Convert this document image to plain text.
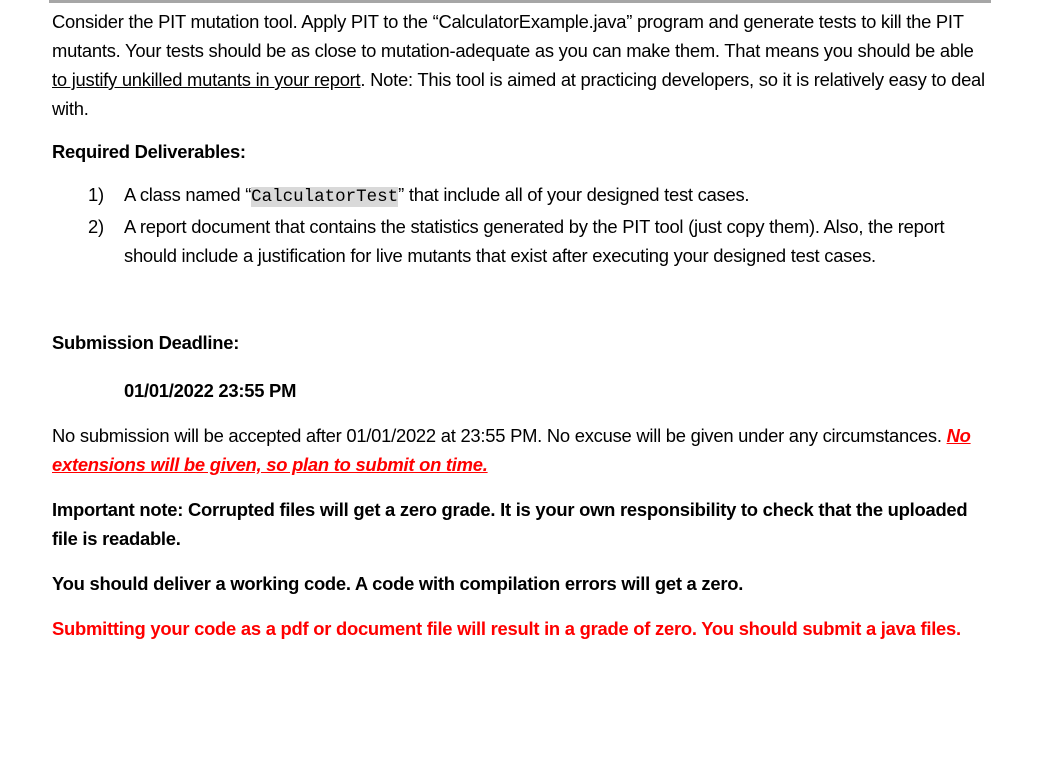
Consider the PIT mutation tool. Apply PIT to the “CalculatorExample.java” program and generate tests to kill the PIT mutants. Your tests should be as close to mutation-adequate as you can make them. That means you should be able to justify unkilled mutants in your report. Note: This tool is aimed at practicing developers, so it is relatively easy to deal with.

Required Deliverables:

1) A class named “CalculatorTest” that include all of your designed test cases.
2) A report document that contains the statistics generated by the PIT tool (just copy them). Also, the report should include a justification for live mutants that exist after executing your designed test cases.

Submission Deadline:

01/01/2022 23:55 PM

No submission will be accepted after 01/01/2022 at 23:55 PM. No excuse will be given under any circumstances. No extensions will be given, so plan to submit on time.

Important note: Corrupted files will get a zero grade. It is your own responsibility to check that the uploaded file is readable.

You should deliver a working code. A code with compilation errors will get a zero.

Submitting your code as a pdf or document file will result in a grade of zero. You should submit a java files.
